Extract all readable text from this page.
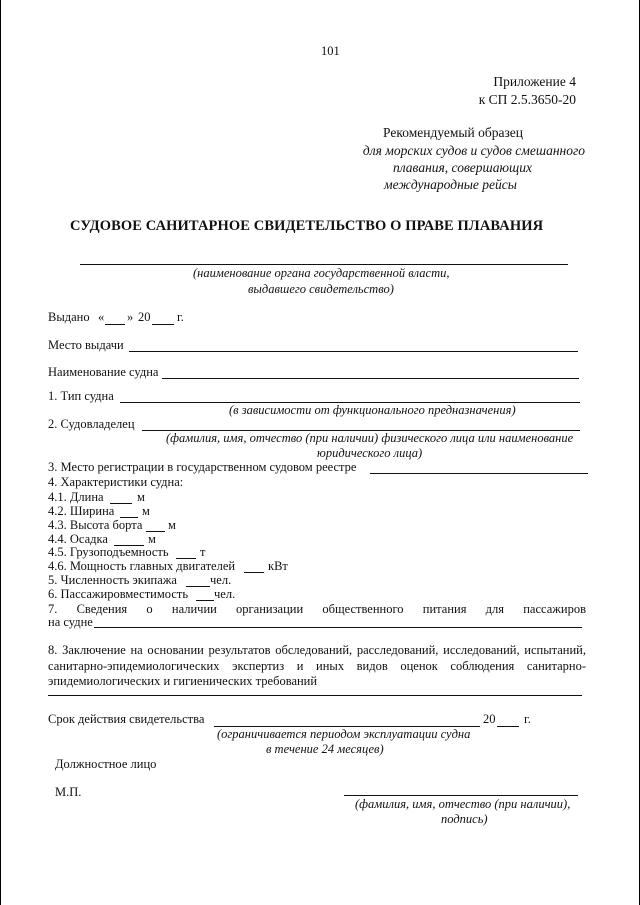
101
Приложение 4
к СП 2.5.3650-20
Рекомендуемый образец
для морских судов и судов смешанного
плавания, совершающих
международные рейсы
СУДОВОЕ САНИТАРНОЕ СВИДЕТЕЛЬСТВО О ПРАВЕ ПЛАВАНИЯ
(наименование органа государственной власти,
выдавшего свидетельство)
Выдано « » 20 г.
Место выдачи
Наименование судна
1. Тип судна
(в зависимости от функционального предназначения)
2. Судовладелец
(фамилия, имя, отчество (при наличии) физического лица или наименование
юридического лица)
3. Место регистрации в государственном судовом реестре
4. Характеристики судна:
4.1. Длина	м
4.2. Ширина м
4.3. Высота борта м
4.4. Осадка	м
4.5. Грузоподъемность	т
4.6. Мощность главных двигателей	кВт
5. Численность экипажа	чел.
6. Пассажировместимость чел.
7. Сведения о наличии организации общественного питания для пассажиров
на судне
8. Заключение на основании результатов обследований, расследований, исследований, испытаний,
санитарно-эпидемиологических экспертиз и иных видов оценок соблюдения санитарно-
эпидемиологических и гигиенических требований
Срок действия свидетельства	20 г.
(ограничивается периодом эксплуатации судна
в течение 24 месяцев)
Должностное лицо
М.П.
(фамилия, имя, отчество (при наличии),
подпись)
